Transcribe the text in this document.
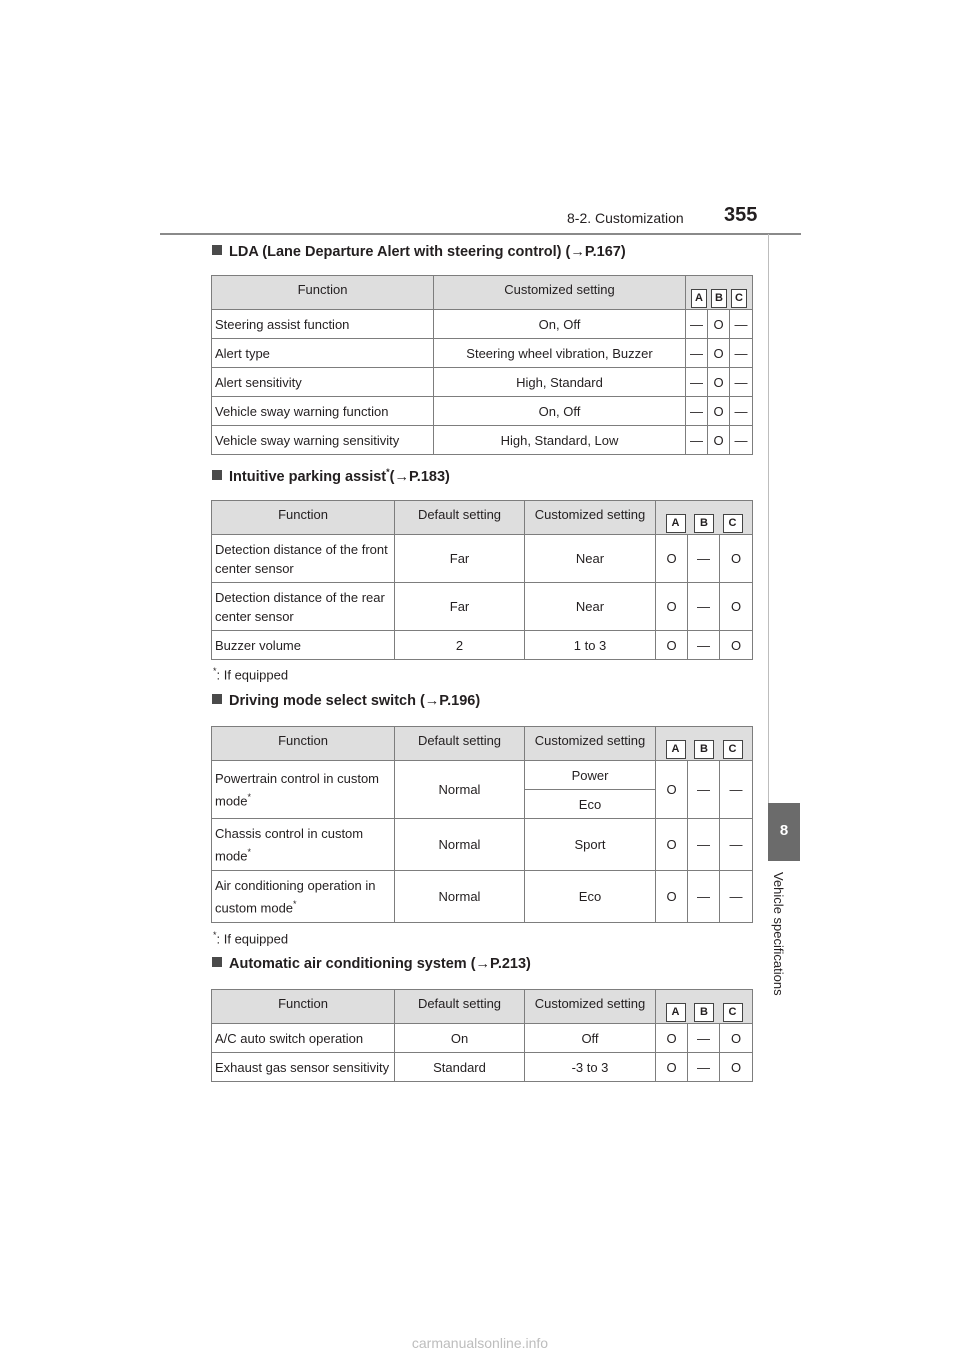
8-2. Customization 355
8
Vehicle specifications
LDA (Lane Departure Alert with steering control) (→P.167)
Function	Customized setting	A B C		

Steering assist function	On, Off	—	O	—
Alert type	Steering wheel vibration, Buzzer	—	O	—
Alert sensitivity	High, Standard	—	O	—
Vehicle sway warning function	On, Off	—	O	—
Vehicle sway warning sensitivity	High, Standard, Low	—	O	—
Intuitive parking assist*(→P.183)
Function	Default setting	Customized setting	A B C		

Detection distance of the front center sensor	Far	Near	O	—	O
Detection distance of the rear center sensor	Far	Near	O	—	O
Buzzer volume	2	1 to 3	O	—	O
*: If equipped
Driving mode select switch (→P.196)
Function	Default setting	Customized setting	A B C		

Powertrain control in custom mode*	Normal	Power	O	—	—
		Eco			
Chassis control in custom mode*	Normal	Sport	O	—	—
Air conditioning operation in custom mode*	Normal	Eco	O	—	—
*: If equipped
Automatic air conditioning system (→P.213)
Function	Default setting	Customized setting	A B C		

A/C auto switch operation	On	Off	O	—	O
Exhaust gas sensor sensitivity	Standard	-3 to 3	O	—	O
carmanualsonline.info
